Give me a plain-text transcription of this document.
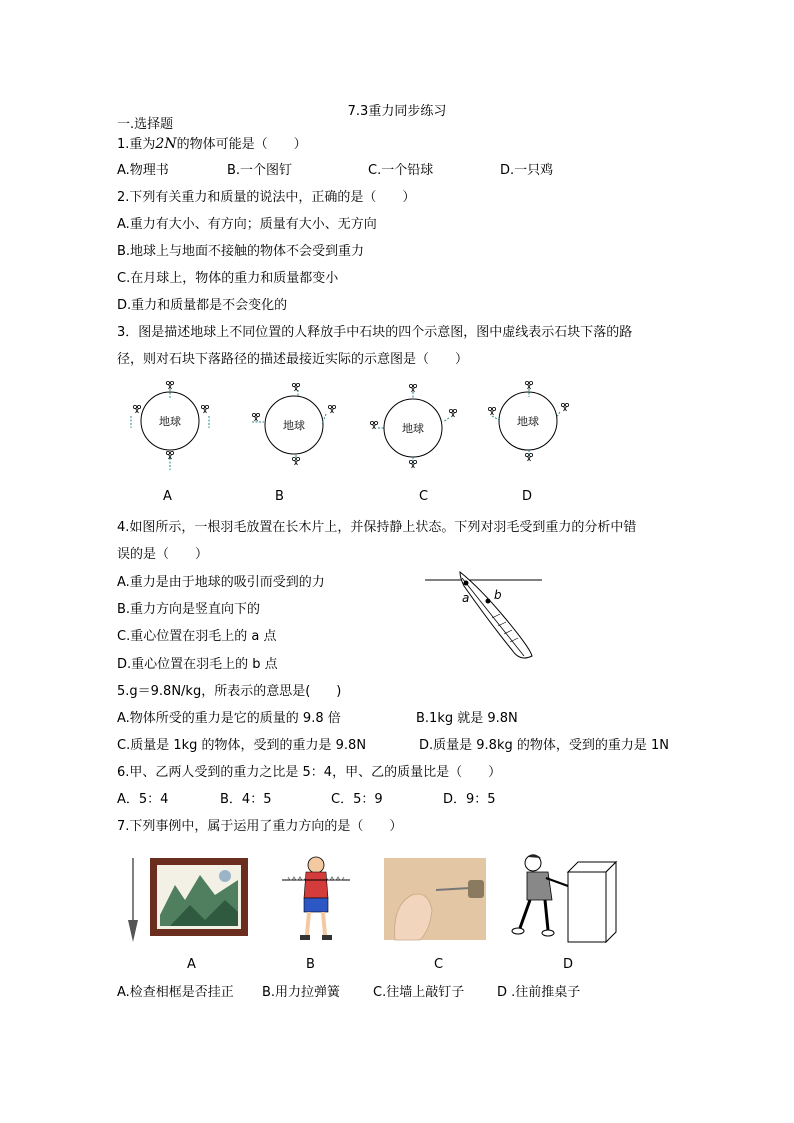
7.3重力同步练习
一.选择题
1.重为2N的物体可能是（　　）
A.物理书	B.一个图钉	C.一个铅球	D.一只鸡
2.下列有关重力和质量的说法中，正确的是（　　）
A.重力有大小、有方向；质量有大小、无方向
B.地球上与地面不接触的物体不会受到重力
C.在月球上，物体的重力和质量都变小
D.重力和质量都是不会变化的
3．图是描述地球上不同位置的人释放手中石块的四个示意图，图中虚线表示石块下落的路
径，则对石块下落路径的描述最接近实际的示意图是（　　）
地球	地球	地球
地球
A	B	C	D
4.如图所示，一根羽毛放置在长木片上，并保持静上状态。下列对羽毛受到重力的分析中错
误的是（　　）
A.重力是由于地球的吸引而受到的力
B.重力方向是竖直向下的
C.重心位置在羽毛上的 a 点
D.重心位置在羽毛上的 b 点
a b
5.g＝9.8N/kg，所表示的意思是(　　)
A.物体所受的重力是它的质量的 9.8 倍	B.1kg 就是 9.8N
C.质量是 1kg 的物体，受到的重力是 9.8N	D.质量是 9.8kg 的物体，受到的重力是 1N
6.甲、乙两人受到的重力之比是 5：4，甲、乙的质量比是（　　）
A．5：4	B．4：5	C．5：9	D．9：5
7.下列事例中，属于运用了重力方向的是（　　）
A	B	C	D
A.检查相框是否挂正 B.用力拉弹簧	C.往墙上敲钉子	D .往前推桌子
